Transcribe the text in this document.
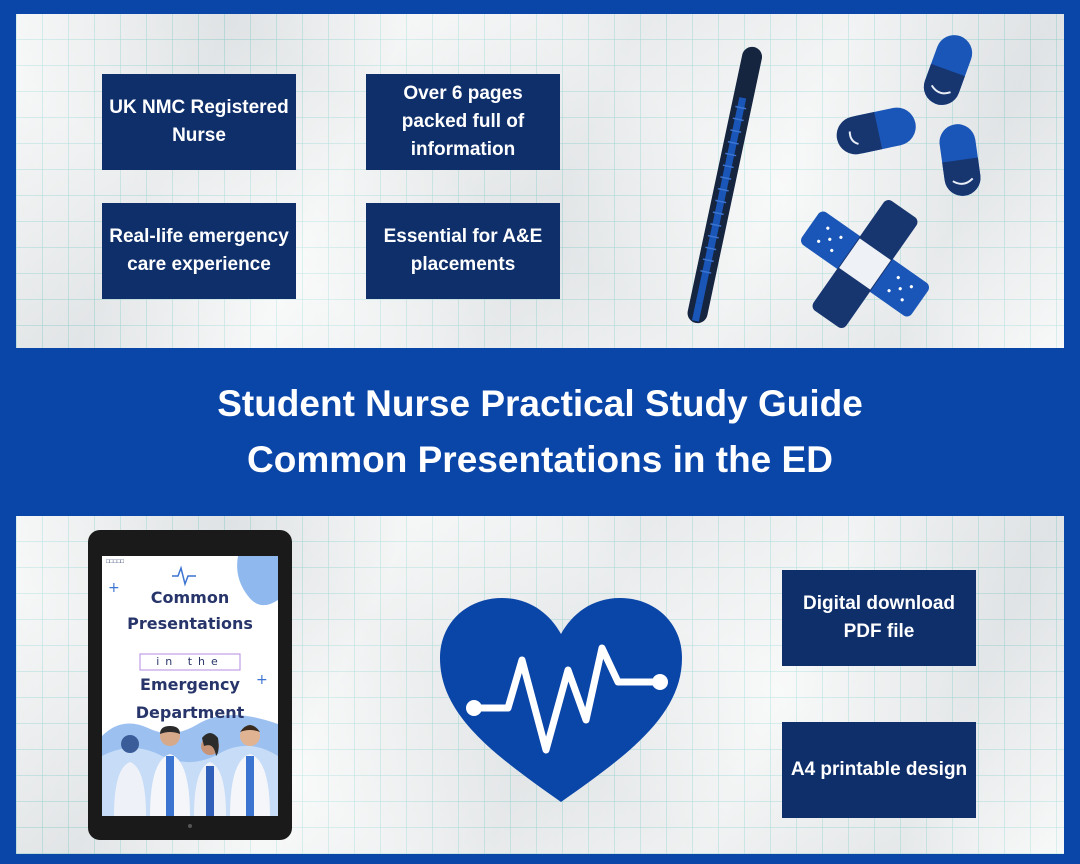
UK NMC Registered Nurse
Over 6 pages packed full of information
Real-life emergency care experience
Essential for A&E placements
Student Nurse Practical Study Guide
Common Presentations in the ED
+
+
□□□□□
Common
Presentations
in the
Emergency
Department
Digital download PDF file
A4 printable design
